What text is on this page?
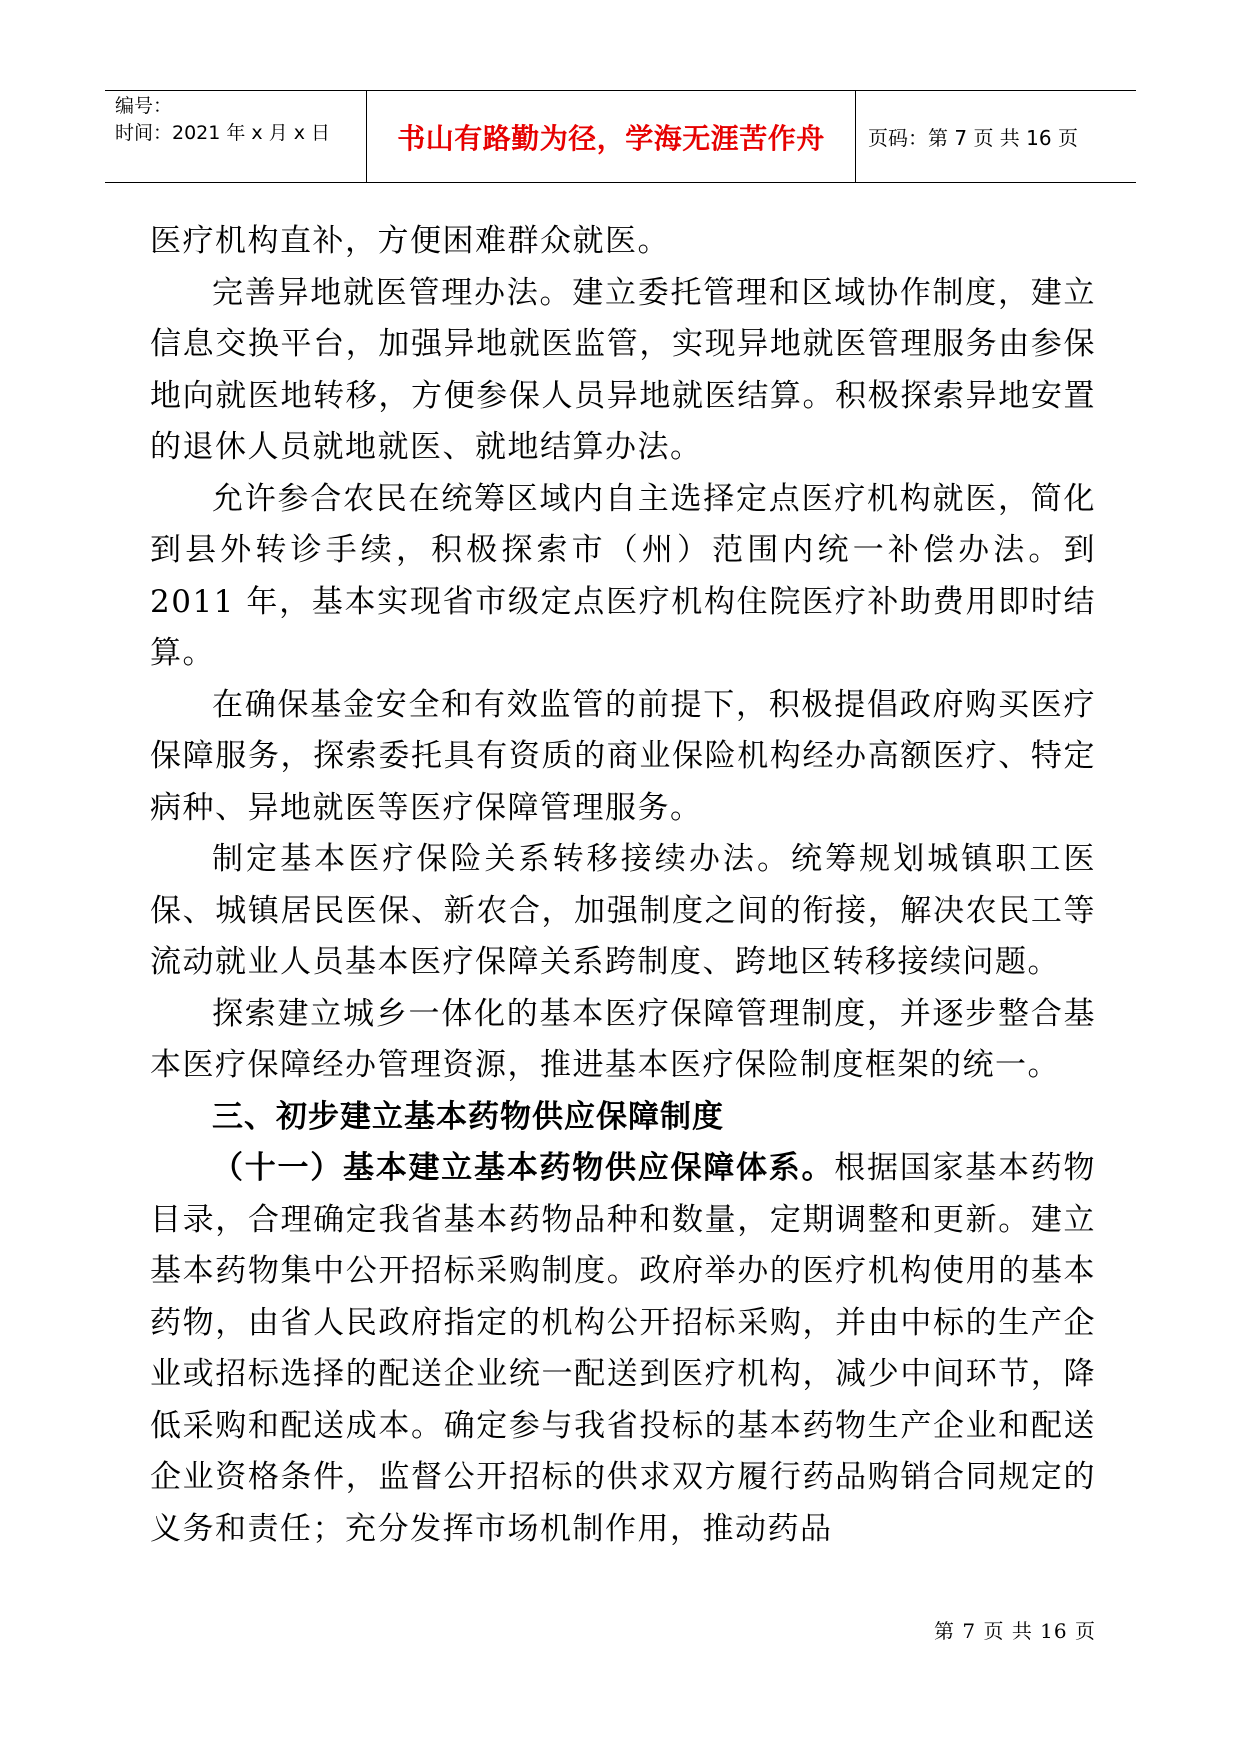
编号：
时间：2021 年 x 月 x 日	书山有路勤为径，学海无涯苦作舟 页码：第 7 页 共 16 页

医疗机构直补，方便困难群众就医。

完善异地就医管理办法。建立委托管理和区域协作制度，建立信息交换平台，加强异地就医监管，实现异地就医管理服务由参保地向就医地转移，方便参保人员异地就医结算。积极探索异地安置的退休人员就地就医、就地结算办法。

允许参合农民在统筹区域内自主选择定点医疗机构就医，简化到县外转诊手续，积极探索市（州）范围内统一补偿办法。到 2011 年，基本实现省市级定点医疗机构住院医疗补助费用即时结算。

在确保基金安全和有效监管的前提下，积极提倡政府购买医疗保障服务，探索委托具有资质的商业保险机构经办高额医疗、特定病种、异地就医等医疗保障管理服务。

制定基本医疗保险关系转移接续办法。统筹规划城镇职工医保、城镇居民医保、新农合，加强制度之间的衔接，解决农民工等流动就业人员基本医疗保障关系跨制度、跨地区转移接续问题。

探索建立城乡一体化的基本医疗保障管理制度，并逐步整合基本医疗保障经办管理资源，推进基本医疗保险制度框架的统一。

三、初步建立基本药物供应保障制度

（十一）基本建立基本药物供应保障体系。根据国家基本药物目录，合理确定我省基本药物品种和数量，定期调整和更新。建立基本药物集中公开招标采购制度。政府举办的医疗机构使用的基本药物，由省人民政府指定的机构公开招标采购，并由中标的生产企业或招标选择的配送企业统一配送到医疗机构，减少中间环节，降低采购和配送成本。确定参与我省投标的基本药物生产企业和配送企业资格条件，监督公开招标的供求双方履行药品购销合同规定的义务和责任；充分发挥市场机制作用，推动药品

第 7 页 共 16 页
